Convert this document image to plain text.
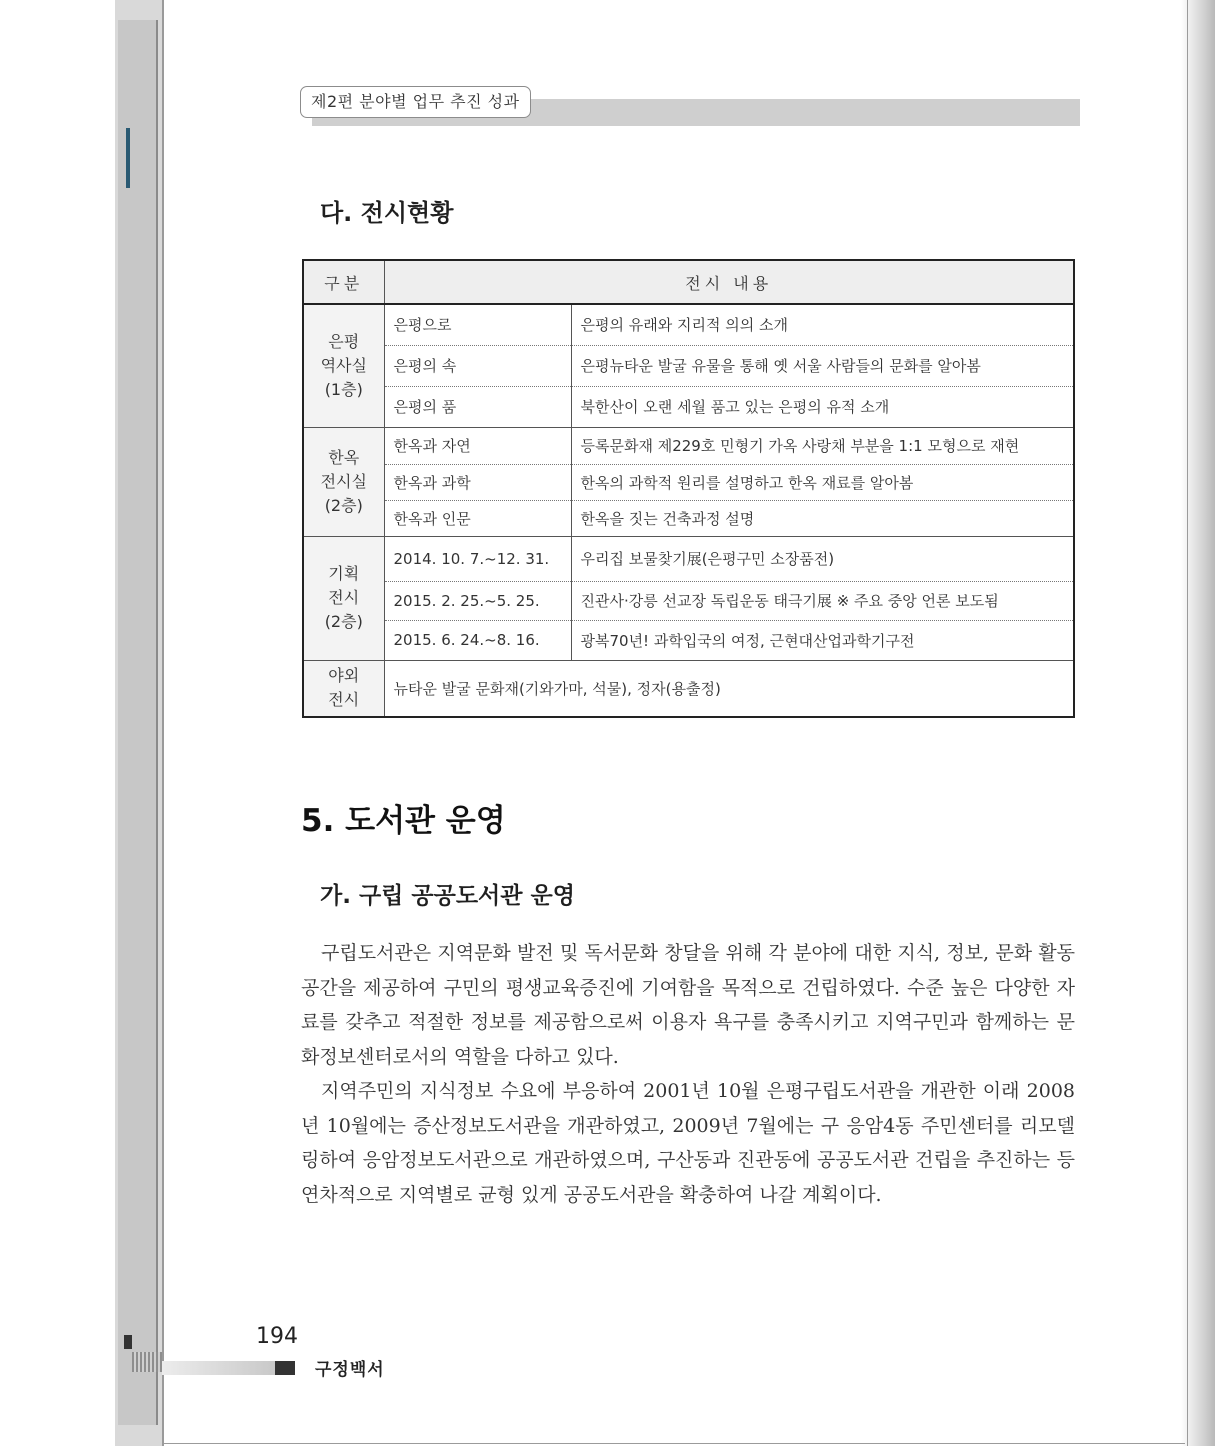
제2편 분야별 업무 추진 성과
다. 전시현황
구분	전시 내용	

은평
역사실
(1층)	은평으로	은평의 유래와 지리적 의의 소개
	은평의 속	은평뉴타운 발굴 유물을 통해 옛 서울 사람들의 문화를 알아봄
	은평의 품	북한산이 오랜 세월 품고 있는 은평의 유적 소개

한옥
전시실
(2층)	한옥과 자연	등록문화재 제229호 민형기 가옥 사랑채 부분을 1:1 모형으로 재현
	한옥과 과학	한옥의 과학적 원리를 설명하고 한옥 재료를 알아봄
	한옥과 인문	한옥을 짓는 건축과정 설명

기획
전시
(2층)	2014. 10. 7.~12. 31.	우리집 보물찾기展(은평구민 소장품전)
	2015. 2. 25.~5. 25.	진관사·강릉 선교장 독립운동 태극기展 ※ 주요 중앙 언론 보도됨
	2015. 6. 24.~8. 16.	광복70년! 과학입국의 여정, 근현대산업과학기구전

야외
전시	뉴타운 발굴 문화재(기와가마, 석물), 정자(용출정)	
5. 도서관 운영
가. 구립 공공도서관 운영

구립도서관은 지역문화 발전 및 독서문화 창달을 위해 각 분야에 대한 지식, 정보, 문화 활동 공간을 제공하여 구민의 평생교육증진에 기여함을 목적으로 건립하였다. 수준 높은 다양한 자료를 갖추고 적절한 정보를 제공함으로써 이용자 욕구를 충족시키고 지역구민과 함께하는 문화정보센터로서의 역할을 다하고 있다.

지역주민의 지식정보 수요에 부응하여 2001년 10월 은평구립도서관을 개관한 이래 2008년 10월에는 증산정보도서관을 개관하였고, 2009년 7월에는 구 응암4동 주민센터를 리모델링하여 응암정보도서관으로 개관하였으며, 구산동과 진관동에 공공도서관 건립을 추진하는 등 연차적으로 지역별로 균형 있게 공공도서관을 확충하여 나갈 계획이다.

194
구정백서
